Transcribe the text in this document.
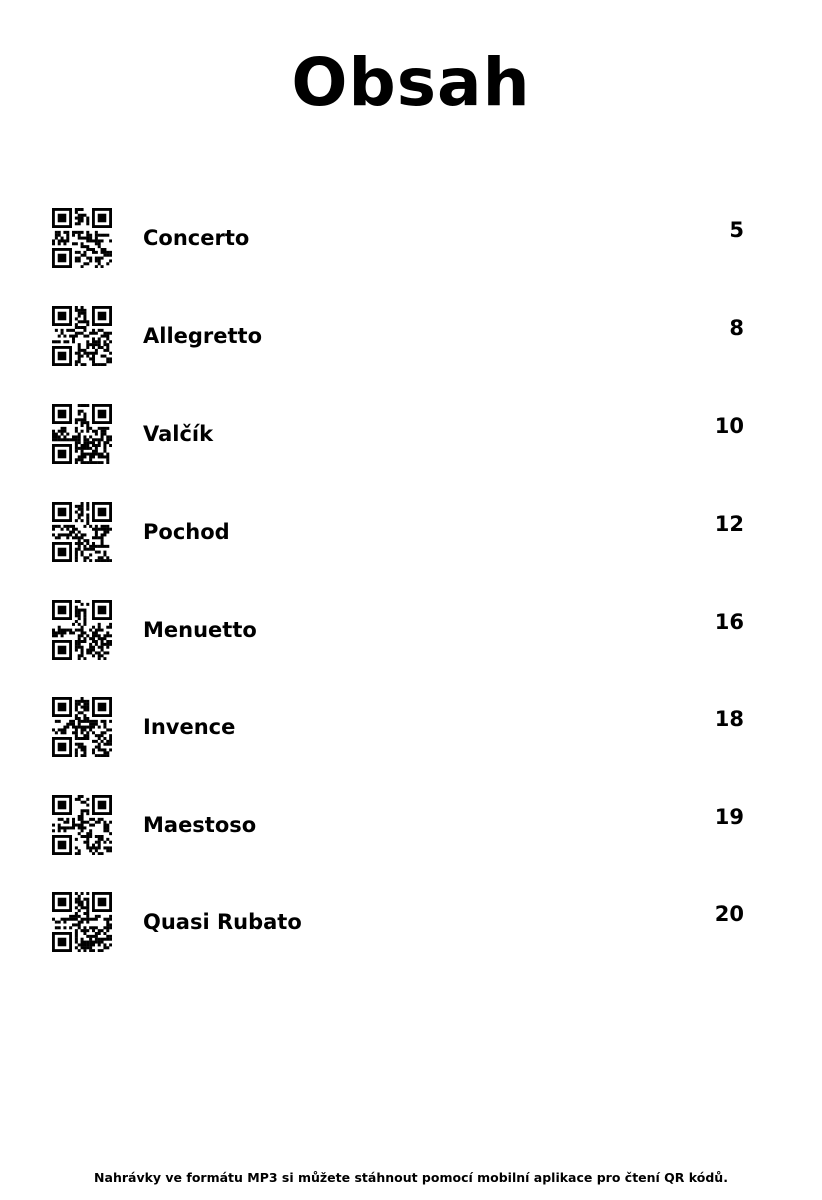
Obsah
Concerto	5
Allegretto	8
Valčík	10
Pochod	12
Menuetto	16
Invence	18
Maestoso	19
Quasi Rubato	20
Nahrávky ve formátu MP3 si můžete stáhnout pomocí mobilní aplikace pro čtení QR kódů.
